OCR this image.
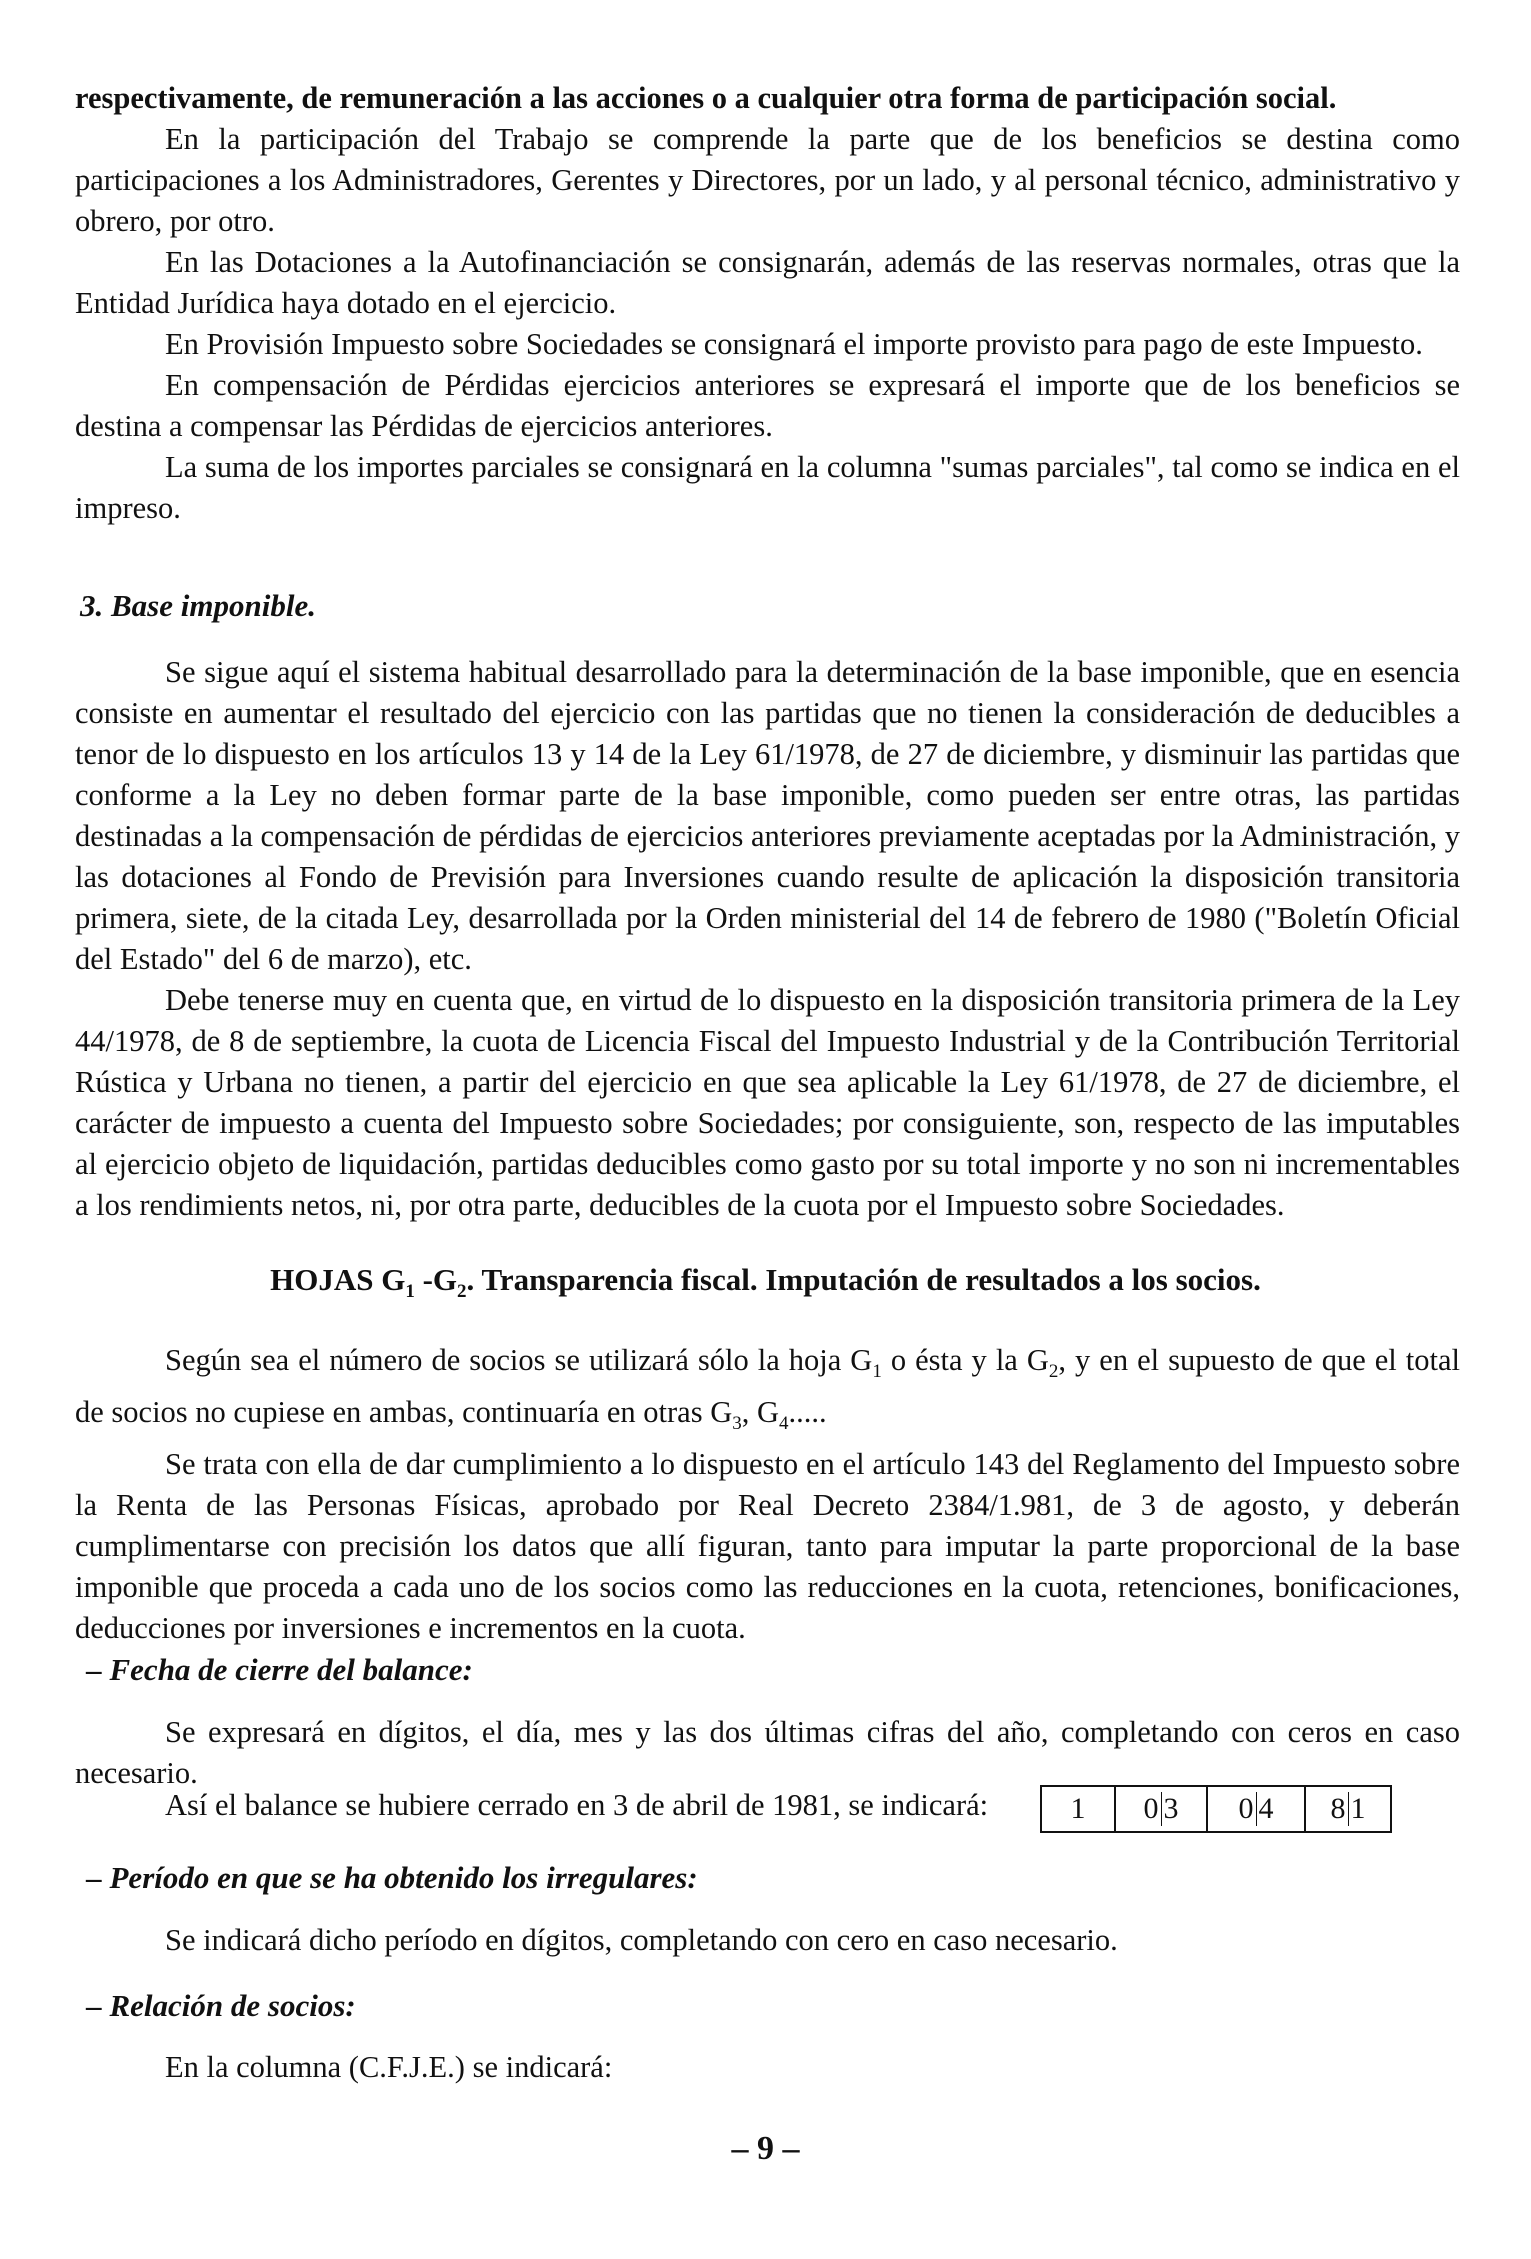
respectivamente, de remuneración a las acciones o a cualquier otra forma de participación social.

En la participación del Trabajo se comprende la parte que de los beneficios se destina como participaciones a los Administradores, Gerentes y Directores, por un lado, y al personal técnico, administrativo y obrero, por otro.

En las Dotaciones a la Autofinanciación se consignarán, además de las reservas normales, otras que la Entidad Jurídica haya dotado en el ejercicio.

En Provisión Impuesto sobre Sociedades se consignará el importe provisto para pago de este Impuesto.

En compensación de Pérdidas ejercicios anteriores se expresará el importe que de los beneficios se destina a compensar las Pérdidas de ejercicios anteriores.

La suma de los importes parciales se consignará en la columna "sumas parciales", tal como se indica en el impreso.

3. Base imponible.

Se sigue aquí el sistema habitual desarrollado para la determinación de la base imponible, que en esencia consiste en aumentar el resultado del ejercicio con las partidas que no tienen la consideración de deducibles a tenor de lo dispuesto en los artículos 13 y 14 de la Ley 61/1978, de 27 de diciembre, y disminuir las partidas que conforme a la Ley no deben formar parte de la base imponible, como pueden ser entre otras, las partidas destinadas a la compensación de pérdidas de ejercicios anteriores previamente aceptadas por la Administración, y las dotaciones al Fondo de Previsión para Inversiones cuando resulte de aplicación la disposición transitoria primera, siete, de la citada Ley, desarrollada por la Orden ministerial del 14 de febrero de 1980 ("Boletín Oficial del Estado" del 6 de marzo), etc.

Debe tenerse muy en cuenta que, en virtud de lo dispuesto en la disposición transitoria primera de la Ley 44/1978, de 8 de septiembre, la cuota de Licencia Fiscal del Impuesto Industrial y de la Contribución Territorial Rústica y Urbana no tienen, a partir del ejercicio en que sea aplicable la Ley 61/1978, de 27 de diciembre, el carácter de impuesto a cuenta del Impuesto sobre Sociedades; por consiguiente, son, respecto de las imputables al ejercicio objeto de liquidación, partidas deducibles como gasto por su total importe y no son ni incrementables a los rendimients netos, ni, por otra parte, deducibles de la cuota por el Impuesto sobre Sociedades.

HOJAS $G_1$ $-G_2$. Transparencia fiscal. Imputación de resultados a los socios.

Según sea el número de socios se utilizará sólo la hoja $G_1$ o ésta y la $G_2$, y en el supuesto de que el total de socios no cupiese en ambas, continuaría en otras $G_3$, $G_4$.....

Se trata con ella de dar cumplimiento a lo dispuesto en el artículo 143 del Reglamento del Impuesto sobre la Renta de las Personas Físicas, aprobado por Real Decreto 2384/1.981, de 3 de agosto, y deberán cumplimentarse con precisión los datos que allí figuran, tanto para imputar la parte proporcional de la base imponible que proceda a cada uno de los socios como las reducciones en la cuota, retenciones, bonificaciones, deducciones por inversiones e incrementos en la cuota.

– Fecha de cierre del balance:

Se expresará en dígitos, el día, mes y las dos últimas cifras del año, completando con ceros en caso necesario.

Así el balance se hubiere cerrado en 3 de abril de 1981, se indicará:	1 0 3 0 4 8 1
– Período en que se ha obtenido los irregulares:

Se indicará dicho período en dígitos, completando con cero en caso necesario.

– Relación de socios:

En la columna (C.F.J.E.) se indicará:

– 9 –
